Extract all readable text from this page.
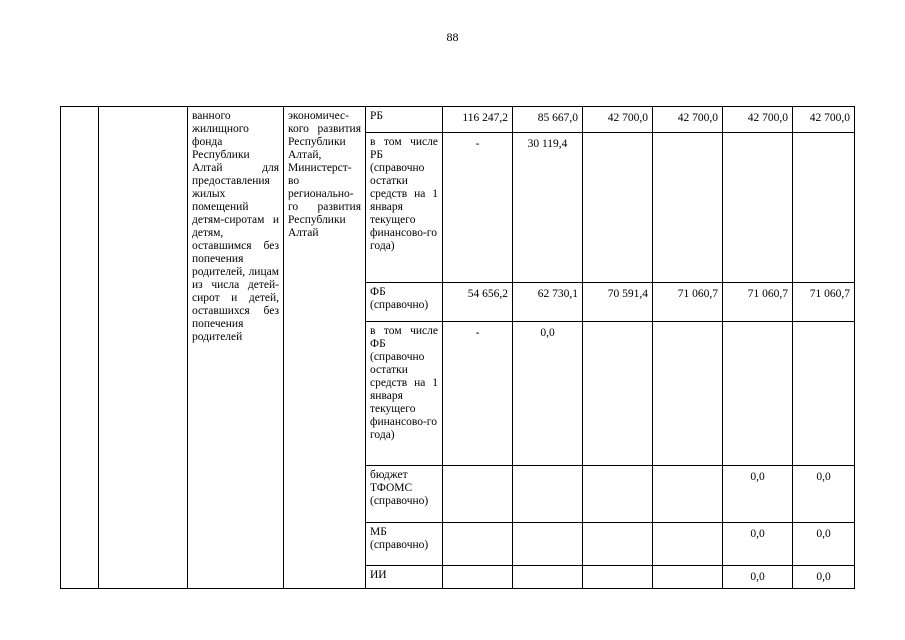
88
		ванного жилищного фонда Республики Алтай для предоставления жилых помещений детям-сиротам и детям, оставшимся без попечения родителей, лицам из числа детей-сирот и детей, оставшихся без попечения родителей	экономичес-кого развития Республики Алтай, Министерст-во регионально-го развития Республики Алтай	РБ	116 247,2	85 667,0	42 700,0	42 700,0	42 700,0	42 700,0
				в том числе РБ (справочно остатки средств на 1 января текущего финансово-го года)	-	30 119,4				
				ФБ (справочно)	54 656,2	62 730,1	70 591,4	71 060,7	71 060,7	71 060,7
				в том числе ФБ (справочно остатки средств на 1 января текущего финансово-го года)	-	0,0				
				бюджет ТФОМС (справочно)					0,0	0,0
				МБ (справочно)					0,0	0,0
				ИИ					0,0	0,0
